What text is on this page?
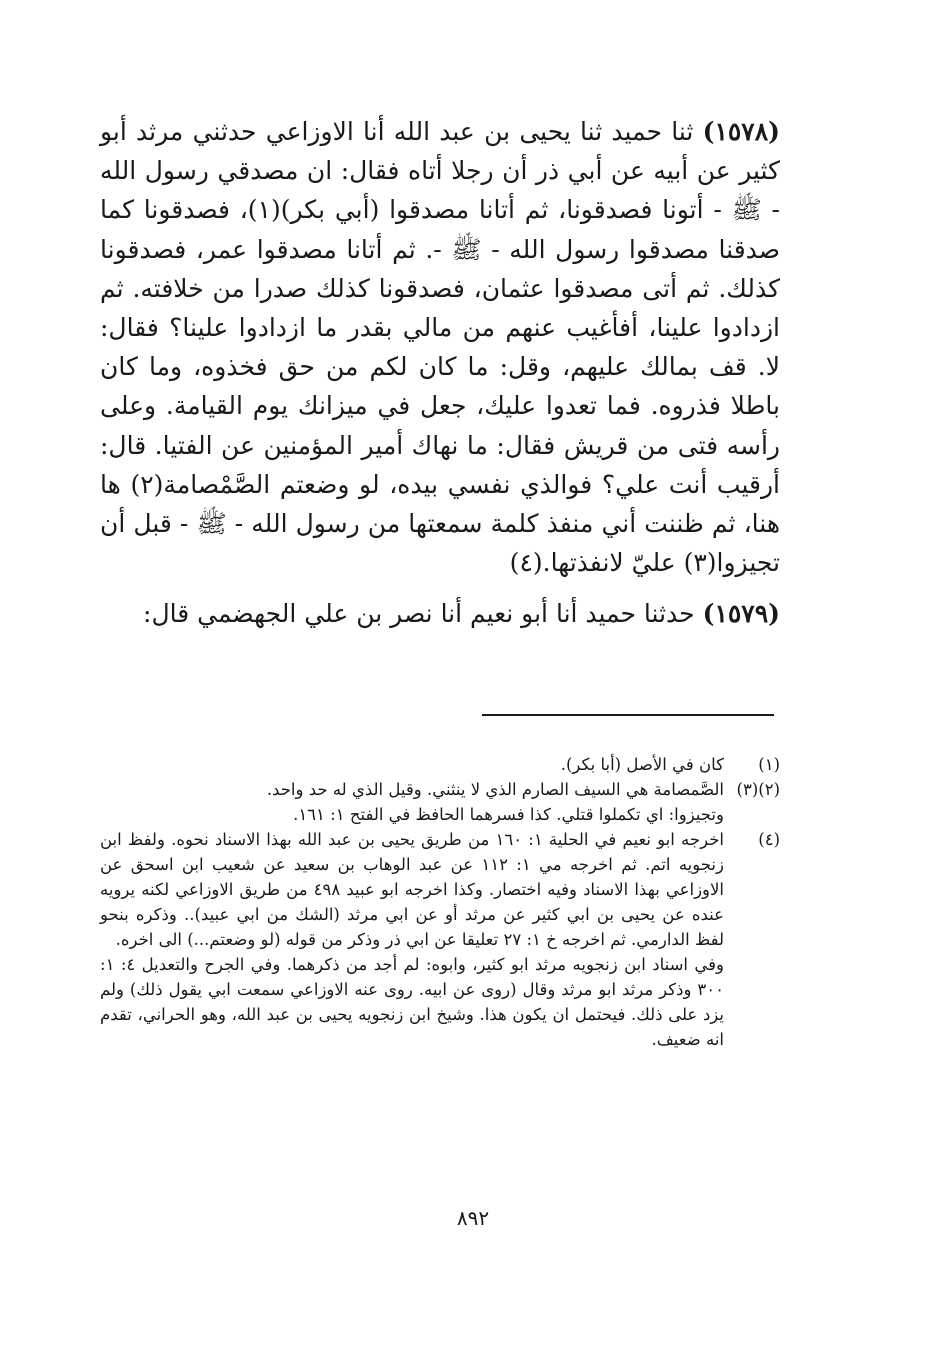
(١٥٧٨) ثنا حميد ثنا يحيى بن عبد الله أنا الاوزاعي حدثني مرثد أبو كثير عن أبيه عن أبي ذر أن رجلا أتاه فقال: ان مصدقي رسول الله - ﷺ - أتونا فصدقونا، ثم أتانا مصدقوا (أبي بكر)(١)، فصدقونا كما صدقنا مصدقوا رسول الله - ﷺ -. ثم أتانا مصدقوا عمر، فصدقونا كذلك. ثم أتى مصدقوا عثمان، فصدقونا كذلك صدرا من خلافته. ثم ازدادوا علينا، أفأغيب عنهم من مالي بقدر ما ازدادوا علينا؟ فقال: لا. قف بمالك عليهم، وقل: ما كان لكم من حق فخذوه، وما كان باطلا فذروه. فما تعدوا عليك، جعل في ميزانك يوم القيامة. وعلى رأسه فتى من قريش فقال: ما نهاك أمير المؤمنين عن الفتيا. قال: أرقيب أنت علي؟ فوالذي نفسي بيده، لو وضعتم الصَّمْصامة(٢) ها هنا، ثم ظننت أني منفذ كلمة سمعتها من رسول الله - ﷺ - قبل أن تجيزوا(٣) عليّ لانفذتها.(٤)

(١٥٧٩) حدثنا حميد أنا أبو نعيم أنا نصر بن علي الجهضمي قال:

(١)

كان في الأصل (أبا بكر).

(٢)(٣)

الصَّمصامة هي السيف الصارم الذي لا ينثني. وقيل الذي له حد واحد.

وتجيزوا: اي تكملوا قتلي. كذا فسرهما الحافظ في الفتح ١: ١٦١.

(٤)

اخرجه ابو نعيم في الحلية ١: ١٦٠ من طريق يحيى بن عبد الله بهذا الاسناد نحوه. ولفظ ابن زنجويه اتم. ثم اخرجه مي ١: ١١٢ عن عبد الوهاب بن سعيد عن شعيب ابن اسحق عن الاوزاعي بهذا الاسناد وفيه اختصار. وكذا اخرجه ابو عبيد ٤٩٨ من طريق الاوزاعي لكنه يرويه عنده عن يحيى بن ابي كثير عن مرثد أو عن ابي مرثد (الشك من ابي عبيد).. وذكره بنحو لفظ الدارمي. ثم اخرجه خ ١: ٢٧ تعليقا عن ابي ذر وذكر من قوله (لو وضعتم...) الى اخره.

وفي اسناد ابن زنجويه مرثد ابو كثير، وابوه: لم أجد من ذكرهما. وفي الجرح والتعديل ٤: ١: ٣٠٠ وذكر مرثد ابو مرثد وقال (روى عن ابيه. روى عنه الاوزاعي سمعت ابي يقول ذلك) ولم يزد على ذلك. فيحتمل ان يكون هذا. وشيخ ابن زنجويه يحيى بن عبد الله، وهو الحراني، تقدم انه ضعيف.

٨٩٢
